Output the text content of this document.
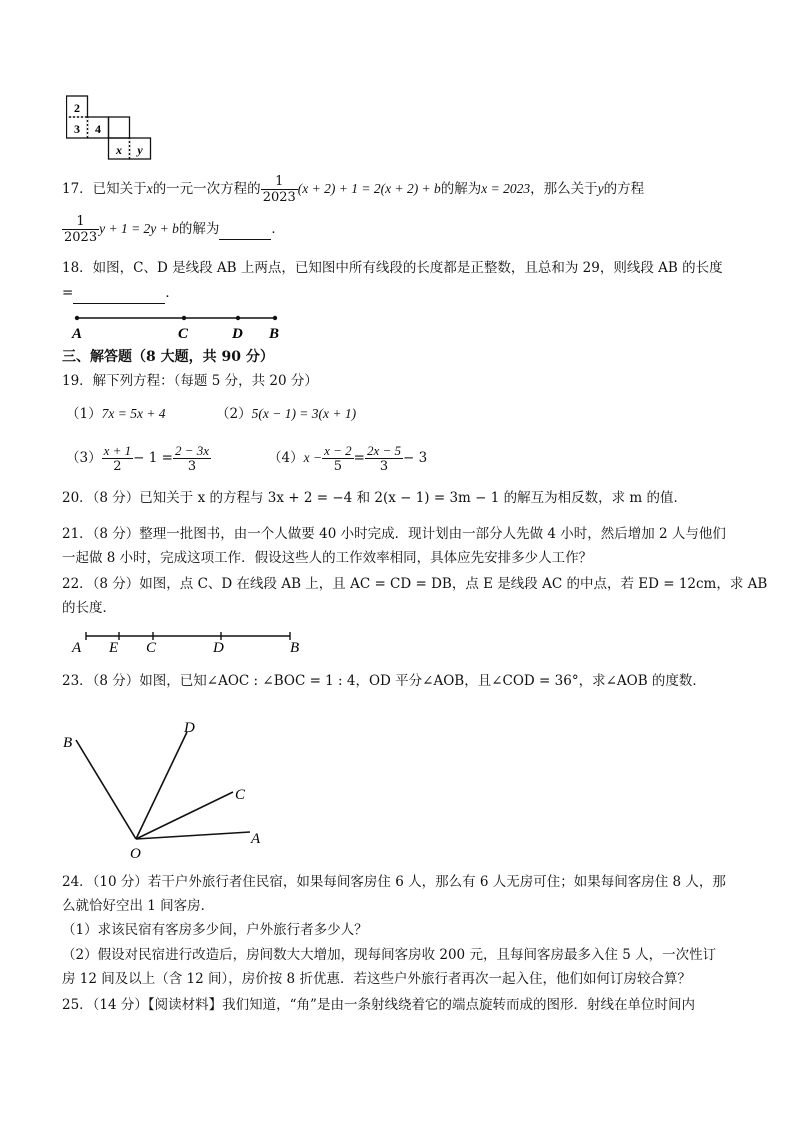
2
3 4
x y
17．已知关于x的一元一次方程的 $\frac{1}{2023} (x + 2) + 1 = 2(x + 2) + b$的解为x = 2023，那么关于y的方程
$\frac{1}{2023}$ y + 1 = 2y + b的解为	．
18．如图，C、D 是线段 AB 上两点，已知图中所有线段的长度都是正整数，且总和为 29，则线段 AB 的长度
=	．
A	C	D B
三、解答题（8 大题，共 90 分）
19．解下列方程：（每题 5 分，共 20 分）
（1）7x = 5x + 4	（2）5(x − 1) = 3(x + 1)
$(3) \frac{x + 1}{2} - 1 = \frac{2 - 3x}{3}$	$(4)x - \frac{x - 2}{5} = \frac{2x - 5}{3} - 3$
20．（8 分）已知关于 x 的方程与 3x + 2 = −4 和 2(x − 1) = 3m − 1 的解互为相反数，求 m 的值．
21．（8 分）整理一批图书，由一个人做要 40 小时完成．现计划由一部分人先做 4 小时，然后增加 2 人与他们
一起做 8 小时，完成这项工作．假设这些人的工作效率相同，具体应先安排多少人工作？
22．（8 分）如图，点 C、D 在线段 AB 上，且 AC = CD = DB，点 E 是线段 AC 的中点，若 ED = 12cm，求 AB
的长度．
A E C	D	B
23．（8 分）如图，已知∠AOC : ∠BOC = 1 : 4，OD 平分∠AOB，且∠COD = 36°，求∠AOB 的度数．
B
D
C
A
O
24．（10 分）若干户外旅行者住民宿，如果每间客房住 6 人，那么有 6 人无房可住；如果每间客房住 8 人，那
么就恰好空出 1 间客房．
（1）求该民宿有客房多少间，户外旅行者多少人？
（2）假设对民宿进行改造后，房间数大大增加，现每间客房收 200 元，且每间客房最多入住 5 人，一次性订
房 12 间及以上（含 12 间），房价按 8 折优惠．若这些户外旅行者再次一起入住，他们如何订房较合算？
25．（14 分）【阅读材料】我们知道，“角”是由一条射线绕着它的端点旋转而成的图形．射线在单位时间内
